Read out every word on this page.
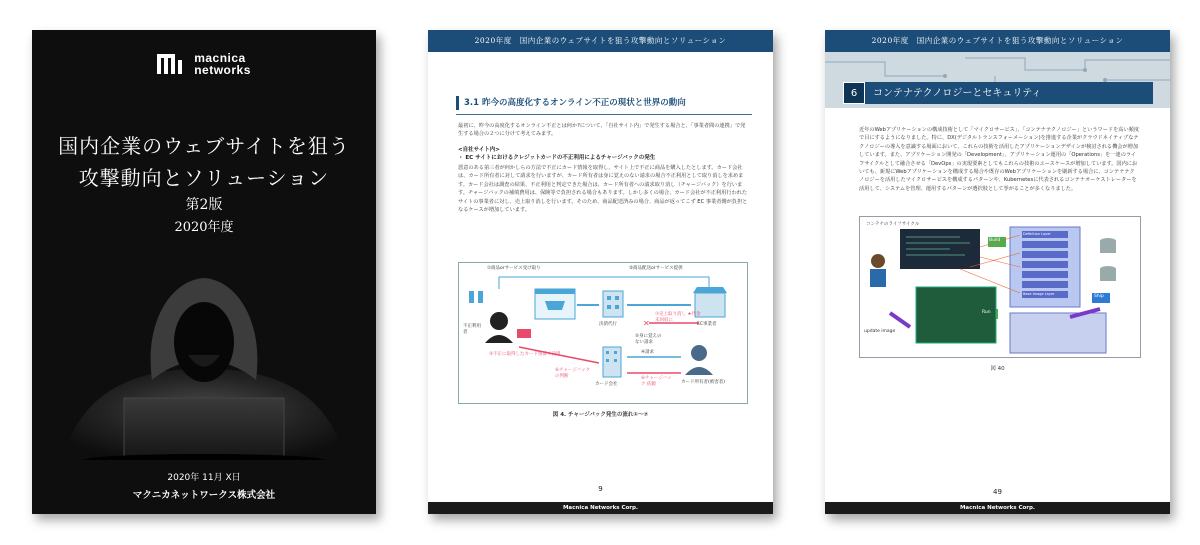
macnica
networks
国内企業のウェブサイトを狙う
攻撃動向とソリューション
第2版
2020年度
2020年 11月 X日
マクニカネットワークス株式会社
2020年度　国内企業のウェブサイトを狙う攻撃動向とソリューション
3.1 昨今の高度化するオンライン不正の現状と世界の動向
最初に、昨今の高度化するオンライン不正とは何か?について、「自社サイト内」で発生する場合と、「事業者間の連携」で発生する場合の２つに分けて考えてみます。
<自社サイト内>
・ EC サイトにおけるクレジットカードの不正利用によるチャージバックの発生
悪意のある第三者が何かしらの方法で不正にカード情報を取得し、サイト上で不正に商品を購入したとします。カード会社は、カード所有者に対して請求を行いますが、カード所有者は身に覚えのない請求の場合不正利用として取り消しを求めます。カード会社は調査の結果、不正利用と判定できた場合は、カード所有者への請求取り消し（チャージバック）を行います。チャージバックの補填費用は、保険等で負担される場合もあります。しかし多くの場合、カード会社が不正利用行われたサイトの事業者に対し、売上取り消しを行います。そのため、商品配送済みの場合、商品が返ってこず EC 事業者側が負担となるケースが増加しています。
✕
①商品orサービス受け取り	②商品配送orサービス提供
不正利用者
決済代行	EC事業者
③不正に取得したカード情報で決済
⑦売上取り消し ★代金未回収に
カード会社	カード所有者(被害者)
④請求
⑤身に覚えのない請求
⑥チャージバックの判断	⑥チャージバック 依頼
図 4. チャージバック発生の流れ①〜⑦
9
Macnica Networks Corp.
2020年度　国内企業のウェブサイトを狙う攻撃動向とソリューション
6 コンテナテクノロジーとセキュリティ
近年のWebアプリケーションの構成技術として「マイクロサービス」、「コンテナテクノロジー」というワードを高い頻度で目にするようになりました。特に、DX(デジタルトランスフォーメーション)を推進する企業がクラウドネイティブなテクノロジーの導入を意識する場面において、これらの技術を活用したアプリケーションデザインが検討される機会が増加しています。また、アプリケーション開発の「Development」、アプリケーション運用の「Operations」を一連のライフサイクルとして融合させる「DevOps」の実現要素としてもこれらの技術のユースケースが増加しています。国内においても、新規にWebアプリケーションを構成する場合や既存のWebアプリケーションを刷新する場合に、コンテナテクノロジーを活用したマイクロサービスを構成するパターンや、Kubernetesに代表されるコンテナオーケストレーターを活用して、システムを管理、運用するパターンが選択肢として挙がることが多くなりました。
コンテナのライフサイクル
Build
Ship
Run
update image
Definition Layer
Base Image Layer
図 40
49
Macnica Networks Corp.
